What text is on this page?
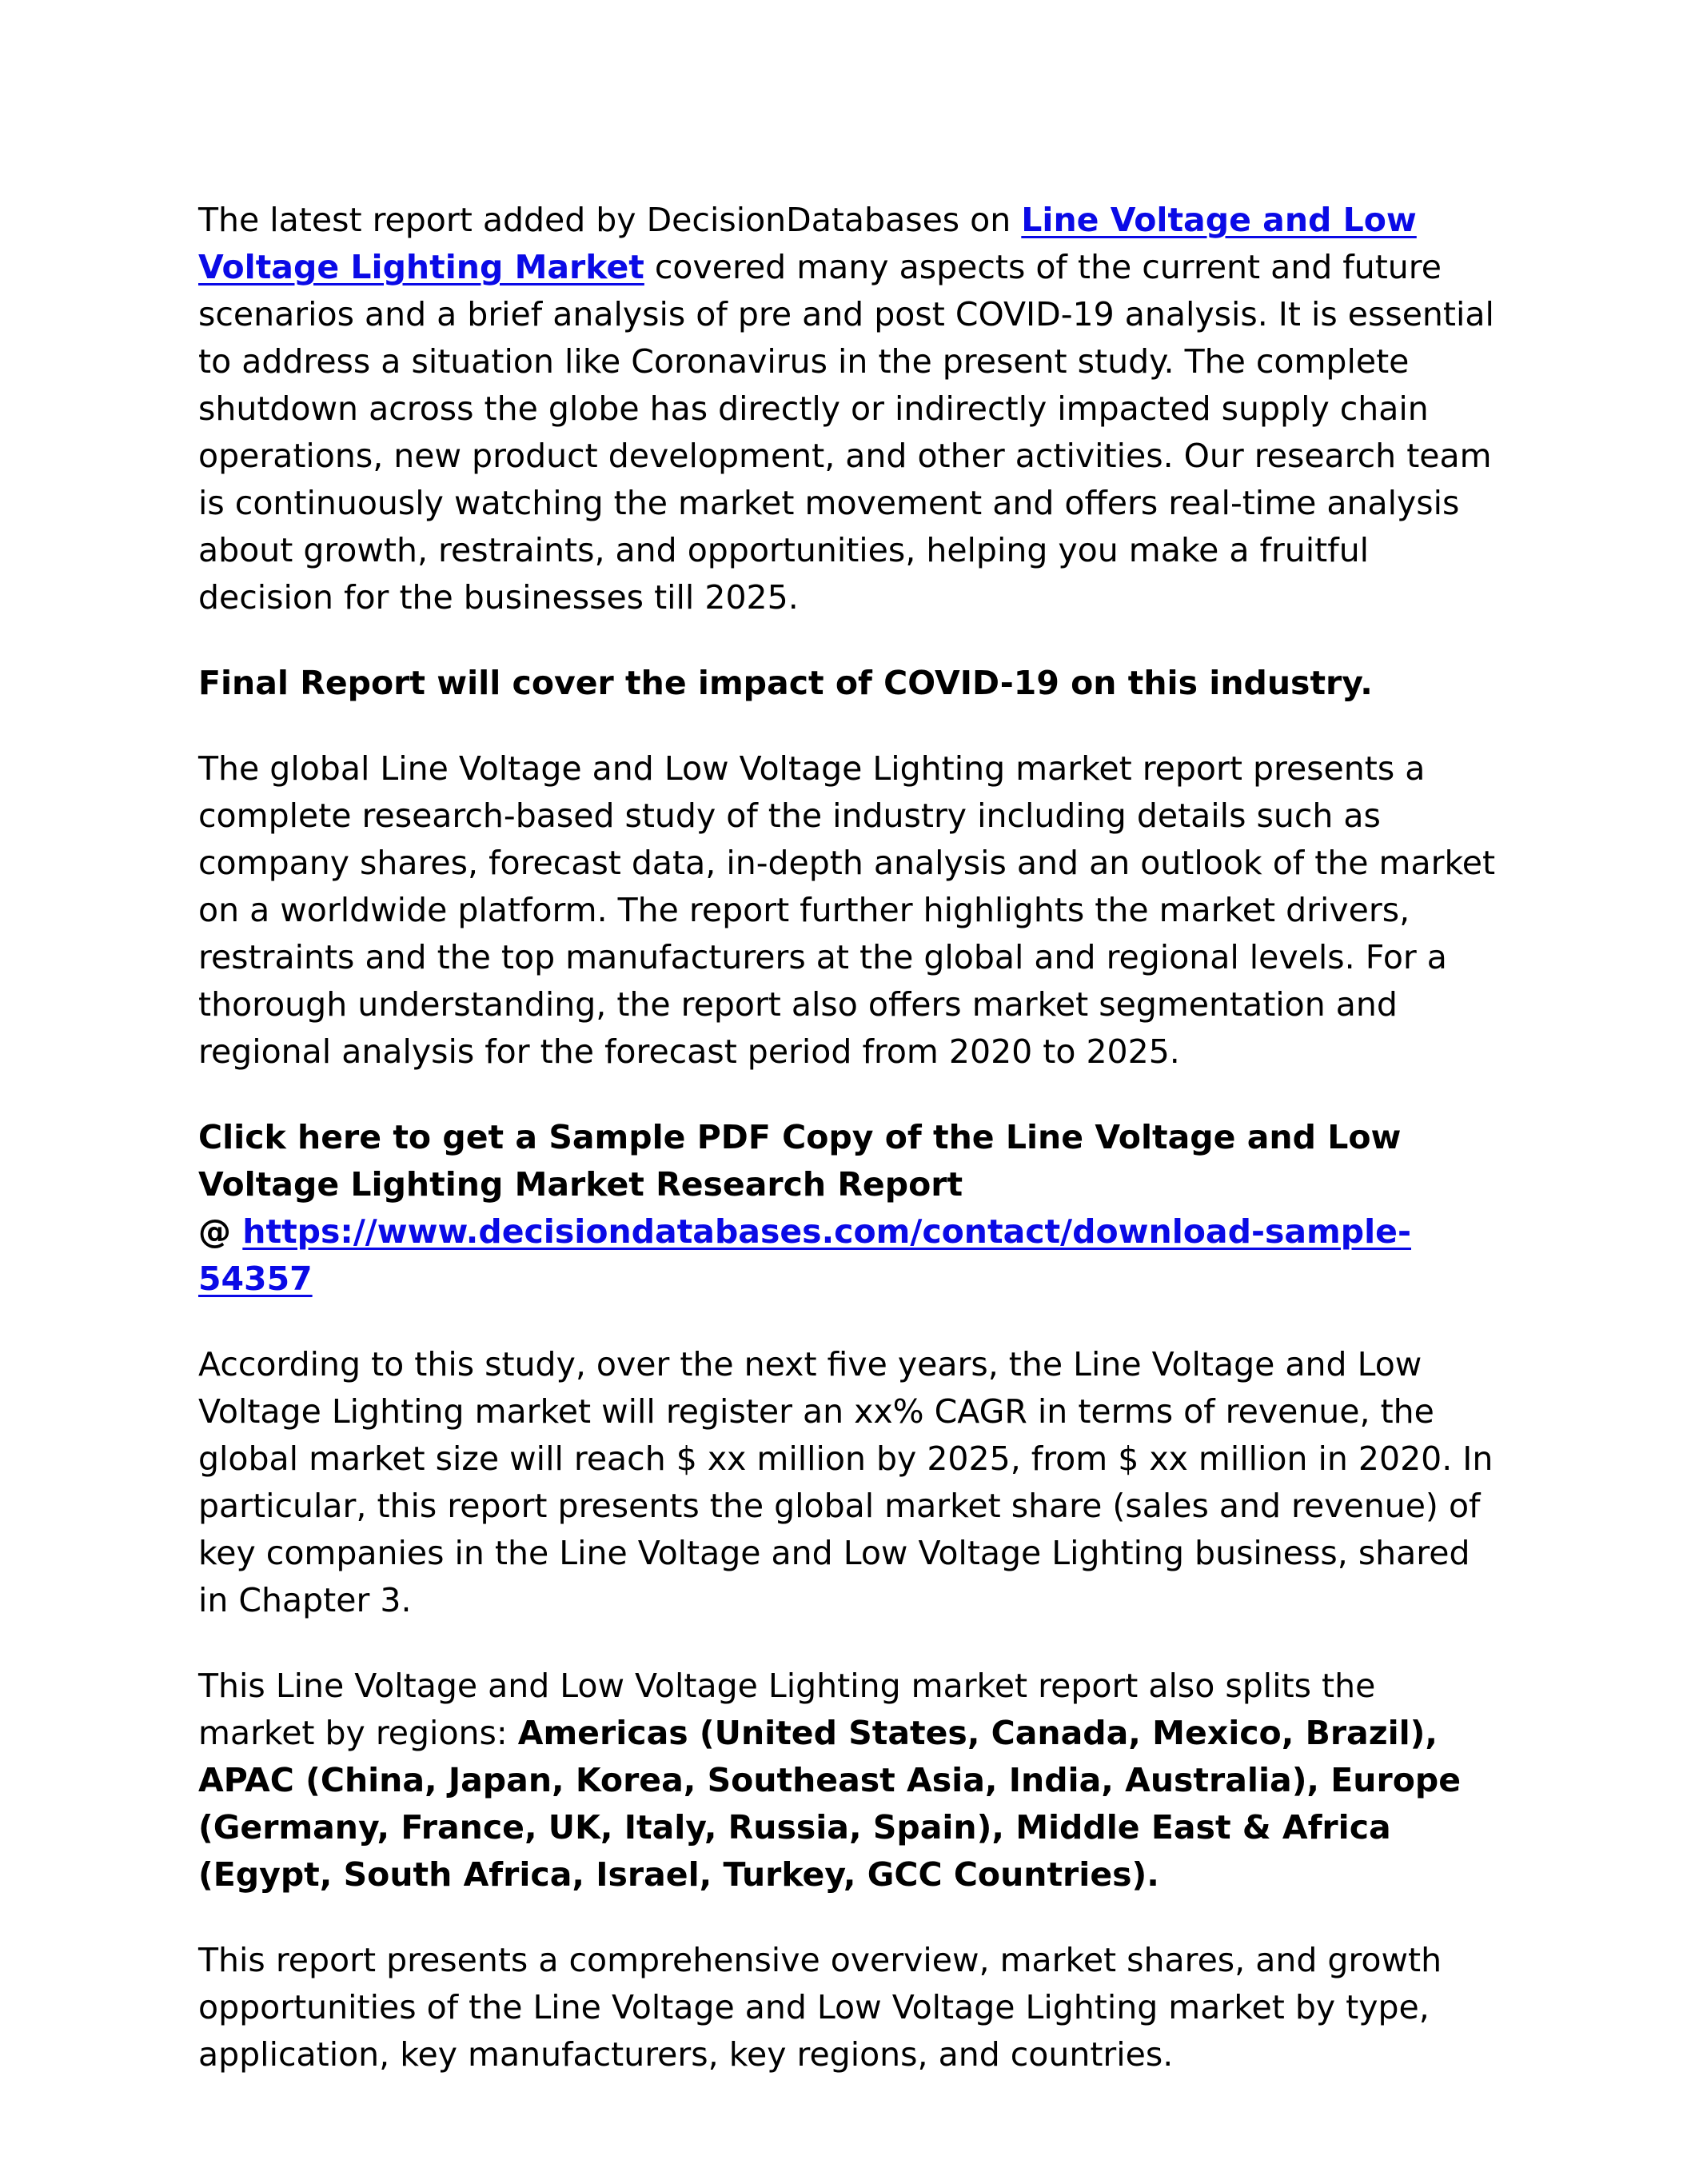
The latest report added by DecisionDatabases on Line Voltage and Low Voltage Lighting Market covered many aspects of the current and future scenarios and a brief analysis of pre and post COVID-19 analysis. It is essential to address a situation like Coronavirus in the present study. The complete shutdown across the globe has directly or indirectly impacted supply chain operations, new product development, and other activities. Our research team is continuously watching the market movement and offers real-time analysis about growth, restraints, and opportunities, helping you make a fruitful decision for the businesses till 2025.

Final Report will cover the impact of COVID-19 on this industry.

The global Line Voltage and Low Voltage Lighting market report presents a complete research-based study of the industry including details such as company shares, forecast data, in-depth analysis and an outlook of the market on a worldwide platform. The report further highlights the market drivers, restraints and the top manufacturers at the global and regional levels. For a thorough understanding, the report also offers market segmentation and regional analysis for the forecast period from 2020 to 2025.

Click here to get a Sample PDF Copy of the Line Voltage and Low Voltage Lighting Market Research Report
@ https://www.decisiondatabases.com/contact/download-sample-54357

According to this study, over the next five years, the Line Voltage and Low Voltage Lighting market will register an xx% CAGR in terms of revenue, the global market size will reach $ xx million by 2025, from $ xx million in 2020. In particular, this report presents the global market share (sales and revenue) of key companies in the Line Voltage and Low Voltage Lighting business, shared in Chapter 3.

This Line Voltage and Low Voltage Lighting market report also splits the market by regions: Americas (United States, Canada, Mexico, Brazil), APAC (China, Japan, Korea, Southeast Asia, India, Australia), Europe (Germany, France, UK, Italy, Russia, Spain), Middle East & Africa (Egypt, South Africa, Israel, Turkey, GCC Countries).

This report presents a comprehensive overview, market shares, and growth opportunities of the Line Voltage and Low Voltage Lighting market by type, application, key manufacturers, key regions, and countries.
